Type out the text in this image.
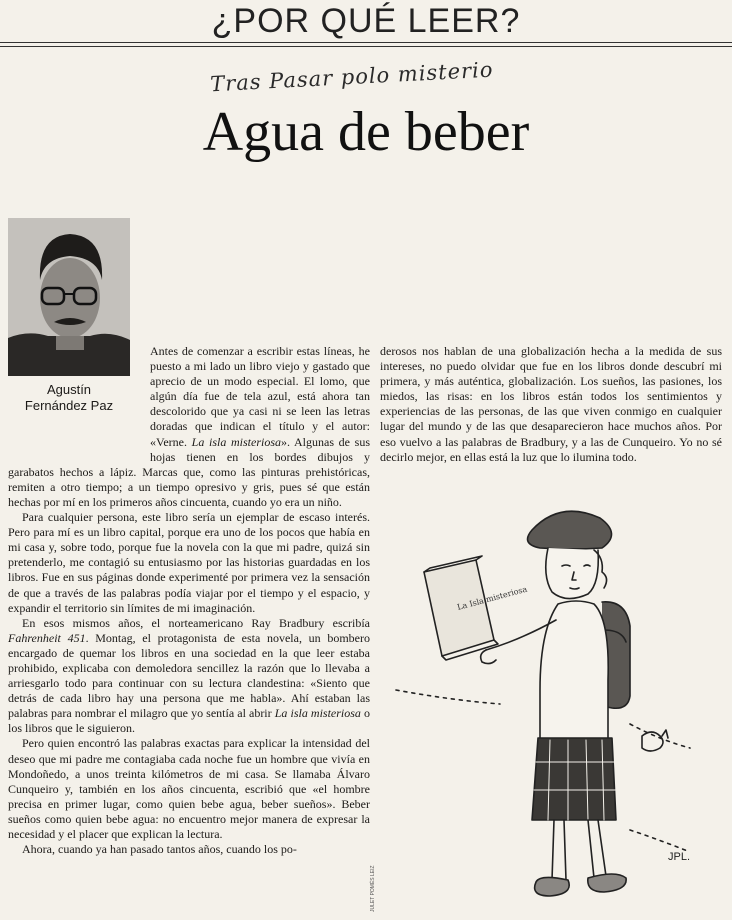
¿POR QUÉ LEER?
Tras Pasar polo misterio
Agua de beber
Agustín
Fernández Paz

Antes de comenzar a escribir estas líneas, he puesto a mi lado un libro viejo y gastado que aprecio de un modo especial. El lomo, que algún día fue de tela azul, está ahora tan descolorido que ya casi ni se leen las letras doradas que indican el título y el autor: «Verne. La isla misteriosa». Algunas de sus hojas tienen en los bordes dibujos y garabatos hechos a lápiz. Marcas que, como las pinturas prehistóricas, remiten a otro tiempo; a un tiempo opresivo y gris, pues sé que están hechas por mí en los primeros años cincuenta, cuando yo era un niño.

Para cualquier persona, este libro sería un ejemplar de escaso interés. Pero para mí es un libro capital, porque era uno de los pocos que había en mi casa y, sobre todo, porque fue la novela con la que mi padre, quizá sin pretenderlo, me contagió su entusiasmo por las historias guardadas en los libros. Fue en sus páginas donde experimenté por primera vez la sensación de que a través de las palabras podía viajar por el tiempo y el espacio, y expandir el territorio sin límites de mi imaginación.

En esos mismos años, el norteamericano Ray Bradbury escribía Fahrenheit 451. Montag, el protagonista de esta novela, un bombero encargado de quemar los libros en una sociedad en la que leer estaba prohibido, explicaba con demoledora sencillez la razón que lo llevaba a arriesgarlo todo para continuar con su lectura clandestina: «Siento que detrás de cada libro hay una persona que me habla». Ahí estaban las palabras para nombrar el milagro que yo sentía al abrir La isla misteriosa o los libros que le siguieron.

Pero quien encontró las palabras exactas para explicar la intensidad del deseo que mi padre me contagiaba cada noche fue un hombre que vivía en Mondoñedo, a unos treinta kilómetros de mi casa. Se llamaba Álvaro Cunqueiro y, también en los años cincuenta, escribió que «el hombre precisa en primer lugar, como quien bebe agua, beber sueños». Beber sueños como quien bebe agua: no encuentro mejor manera de expresar la necesidad y el placer que explican la lectura.

Ahora, cuando ya han pasado tantos años, cuando los po-

derosos nos hablan de una globalización hecha a la medida de sus intereses, no puedo olvidar que fue en los libros donde descubrí mi primera, y más auténtica, globalización. Los sueños, las pasiones, los miedos, las risas: en los libros están todos los sentimientos y experiencias de las personas, de las que viven conmigo en cualquier lugar del mundo y de las que desaparecieron hace muchos años. Por eso vuelvo a las palabras de Bradbury, y a las de Cunqueiro. Yo no sé decirlo mejor, en ellas está la luz que lo ilumina todo.

La Isla misteriosa
JPL.
JULET POMÉS LEIZ
